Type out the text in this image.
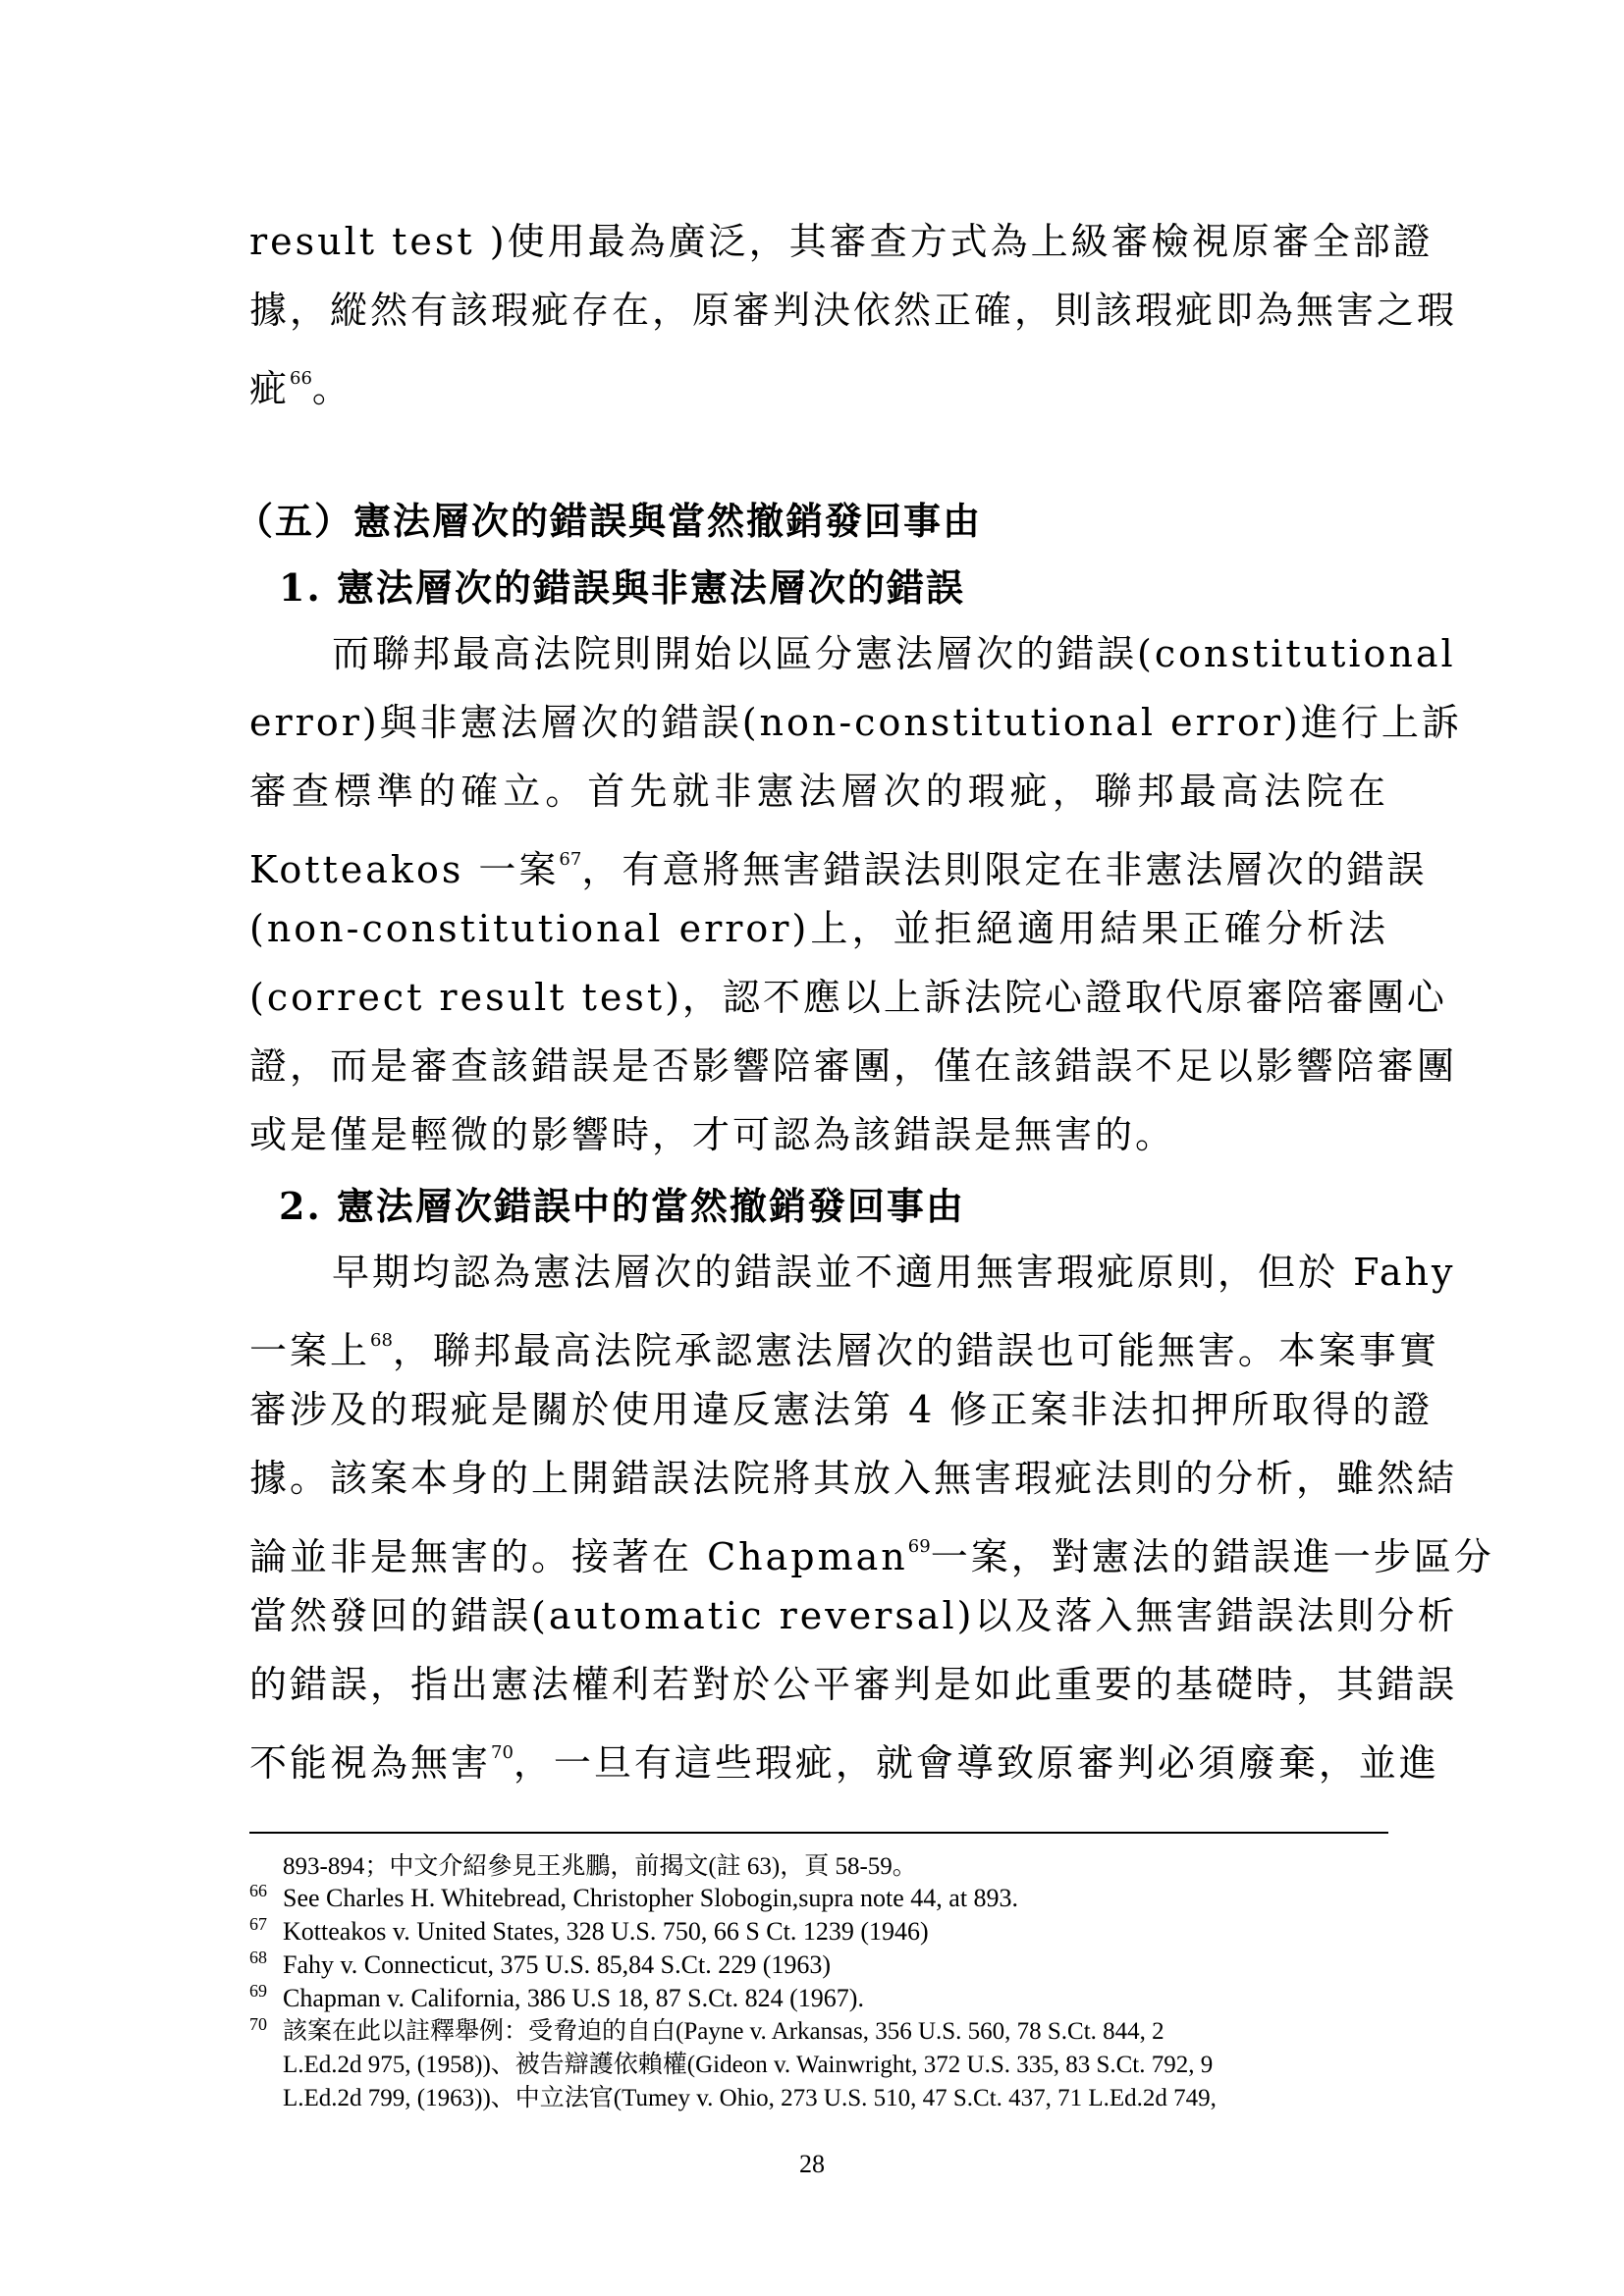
result test )使用最為廣泛，其審查方式為上級審檢視原審全部證
據，縱然有該瑕疵存在，原審判決依然正確，則該瑕疵即為無害之瑕
疵$^{66}$。
（五）憲法層次的錯誤與當然撤銷發回事由
1. 憲法層次的錯誤與非憲法層次的錯誤
而聯邦最高法院則開始以區分憲法層次的錯誤(constitutional
error)與非憲法層次的錯誤(non-constitutional error)進行上訴
審查標準的確立。首先就非憲法層次的瑕疵，聯邦最高法院在
Kotteakos 一案$^{67}$，有意將無害錯誤法則限定在非憲法層次的錯誤
(non-constitutional error)上，並拒絕適用結果正確分析法
(correct result test)，認不應以上訴法院心證取代原審陪審團心
證，而是審查該錯誤是否影響陪審團，僅在該錯誤不足以影響陪審團
或是僅是輕微的影響時，才可認為該錯誤是無害的。
2. 憲法層次錯誤中的當然撤銷發回事由
早期均認為憲法層次的錯誤並不適用無害瑕疵原則，但於 Fahy
一案上$^{68}$，聯邦最高法院承認憲法層次的錯誤也可能無害。本案事實
審涉及的瑕疵是關於使用違反憲法第 4 修正案非法扣押所取得的證
據。該案本身的上開錯誤法院將其放入無害瑕疵法則的分析，雖然結
論並非是無害的。接著在 Chapman$^{69}$一案，對憲法的錯誤進一步區分
當然發回的錯誤(automatic reversal)以及落入無害錯誤法則分析
的錯誤，指出憲法權利若對於公平審判是如此重要的基礎時，其錯誤
不能視為無害$^{70}$，一旦有這些瑕疵，就會導致原審判必須廢棄，並進
893-894；中文介紹參見王兆鵬，前揭文(註 63)，頁 58-59。
66 See Charles H. Whitebread, Christopher Slobogin,supra note 44, at 893.
67 Kotteakos v. United States, 328 U.S. 750, 66 S Ct. 1239 (1946)
68 Fahy v. Connecticut, 375 U.S. 85,84 S.Ct. 229 (1963)
69 Chapman v. California, 386 U.S 18, 87 S.Ct. 824 (1967).
70 該案在此以註釋舉例：受脅迫的自白(Payne v. Arkansas, 356 U.S. 560, 78 S.Ct. 844, 2
L.Ed.2d 975, (1958))、被告辯護依賴權(Gideon v. Wainwright, 372 U.S. 335, 83 S.Ct. 792, 9
L.Ed.2d 799, (1963))、中立法官(Tumey v. Ohio, 273 U.S. 510, 47 S.Ct. 437, 71 L.Ed.2d 749,
28
